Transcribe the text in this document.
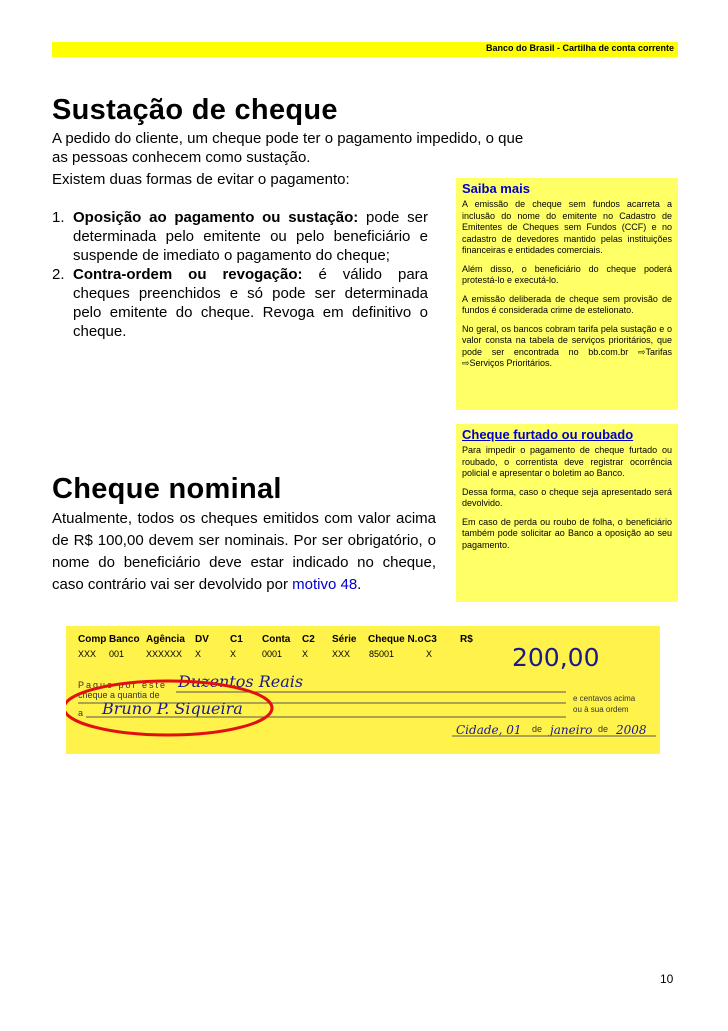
Banco do Brasil - Cartilha de conta corrente
Sustação de cheque

A pedido do cliente, um cheque pode ter o pagamento impedido, o que

as pessoas conhecem como sustação.

Existem duas formas de evitar o pagamento:

1. Oposição ao pagamento ou sustação: pode ser determinada pelo emitente ou pelo beneficiário e suspende de imediato o pagamento do cheque;
2. Contra-ordem ou revogação: é válido para cheques preenchidos e só pode ser determinada pelo emitente do cheque. Revoga em definitivo o cheque.
Saiba mais

A emissão de cheque sem fundos acarreta a inclusão do nome do emitente no Cadastro de Emitentes de Cheques sem Fundos (CCF) e no cadastro de devedores mantido pelas instituições financeiras e entidades comerciais.

Além disso, o beneficiário do cheque poderá protestá-lo e executá-lo.

A emissão deliberada de cheque sem provisão de fundos é considerada crime de estelionato.

No geral, os bancos cobram tarifa pela sustação e o valor consta na tabela de serviços prioritários, que pode ser encontrada no bb.com.br ⇨Tarifas ⇨Serviços Prioritários.

Cheque furtado ou roubado

Para impedir o pagamento de cheque furtado ou roubado, o correntista deve registrar ocorrência policial e apresentar o boletim ao Banco.

Dessa forma, caso o cheque seja apresentado será devolvido.

Em caso de perda ou roubo de folha, o beneficiário também pode solicitar ao Banco a oposição ao seu pagamento.

Cheque nominal

Atualmente, todos os cheques emitidos com valor acima de R$ 100,00 devem ser nominais. Por ser obrigatório, o nome do beneficiário deve estar indicado no cheque, caso contrário vai ser devolvido por motivo 48.

Comp Banco Agência DV C1 Conta C2 Série Cheque N.o C3 R$
XXX 001 XXXXXX X	X	0001 X	XXX 85001	X	200,00
Pague por este
cheque a quantia de
Duzentos Reais
a Bruno P. Siqueira
e centavos acima
ou à sua ordem
Cidade, 01 de janeiro de 2008
10
